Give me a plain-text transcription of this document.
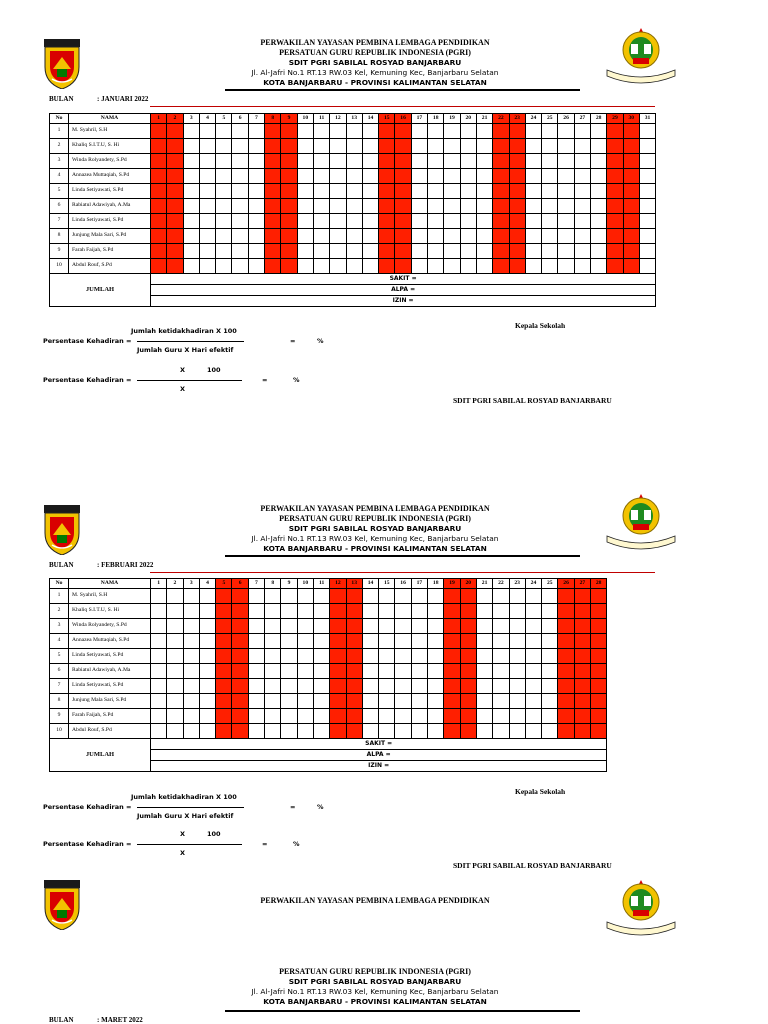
PERWAKILAN YAYASAN PEMBINA LEMBAGA PENDIDIKAN
PERSATUAN GURU REPUBLIK INDONESIA (PGRI)
SDIT PGRI SABILAL ROSYAD BANJARBARU
Jl. Al-Jafri No.1 RT.13 RW.03 Kel, Kemuning Kec, Banjarbaru Selatan
KOTA BANJARBARU - PROVINSI KALIMANTAN SELATAN
BULAN	: JANUARI 2022
No	NAMA	1	2	3	4	5	6	7	8	9	10	11	12	13	14	15	16	17	18	19	20	21	22	23	24	25	26	27	28	29	30	31
1	M. Syahril, S.H																															
2	Khaliq S.I.T.U, S. Hi																															
3	Winda Rolyandety, S.Pd																															
4	Annazea Muttaqiah, S.Pd																															
5	Linda Setiyawati, S.Pd																															
6	Rabiatul Adawiyah, A.Ma																															
7	Linda Setiyawati, S.Pd																															
8	Junjung Mala Sari, S.Pd																															
9	Farah Faijah, S.Pd																															
10	Abdul Rouf, S.Pd																															
JUMLAH		SAKIT =																														
		ALPA =																														
		IZIN =																														
Jumlah ketidakhadiran X 100
Persentase Kehadiran =	=	%
Jumlah Guru X Hari efektif
Kepala Sekolah
X	100
Persentase Kehadiran =	=	%
X
SDIT PGRI SABILAL ROSYAD BANJARBARU
PERWAKILAN YAYASAN PEMBINA LEMBAGA PENDIDIKAN
PERSATUAN GURU REPUBLIK INDONESIA (PGRI)
SDIT PGRI SABILAL ROSYAD BANJARBARU
Jl. Al-Jafri No.1 RT.13 RW.03 Kel, Kemuning Kec, Banjarbaru Selatan
KOTA BANJARBARU - PROVINSI KALIMANTAN SELATAN
BULAN	: FEBRUARI 2022
No	NAMA	1	2	3	4	5	6	7	8	9	10	11	12	13	14	15	16	17	18	19	20	21	22	23	24	25	26	27	28
1	M. Syahril, S.H																												
2	Khaliq S.I.T.U, S. Hi																												
3	Winda Rolyandety, S.Pd																												
4	Annazea Muttaqiah, S.Pd																												
5	Linda Setiyawati, S.Pd																												
6	Rabiatul Adawiyah, A.Ma																												
7	Linda Setiyawati, S.Pd																												
8	Junjung Mala Sari, S.Pd																												
9	Farah Faijah, S.Pd																												
10	Abdul Rouf, S.Pd																												
JUMLAH		SAKIT =																											
		ALPA =																											
		IZIN =																											
Jumlah ketidakhadiran X 100
Persentase Kehadiran =	=	%
Jumlah Guru X Hari efektif
Kepala Sekolah
X	100
Persentase Kehadiran =	=	%
X
SDIT PGRI SABILAL ROSYAD BANJARBARU
PERWAKILAN YAYASAN PEMBINA LEMBAGA PENDIDIKAN
PERSATUAN GURU REPUBLIK INDONESIA (PGRI)
SDIT PGRI SABILAL ROSYAD BANJARBARU
Jl. Al-Jafri No.1 RT.13 RW.03 Kel, Kemuning Kec, Banjarbaru Selatan
KOTA BANJARBARU - PROVINSI KALIMANTAN SELATAN
BULAN	: MARET 2022
